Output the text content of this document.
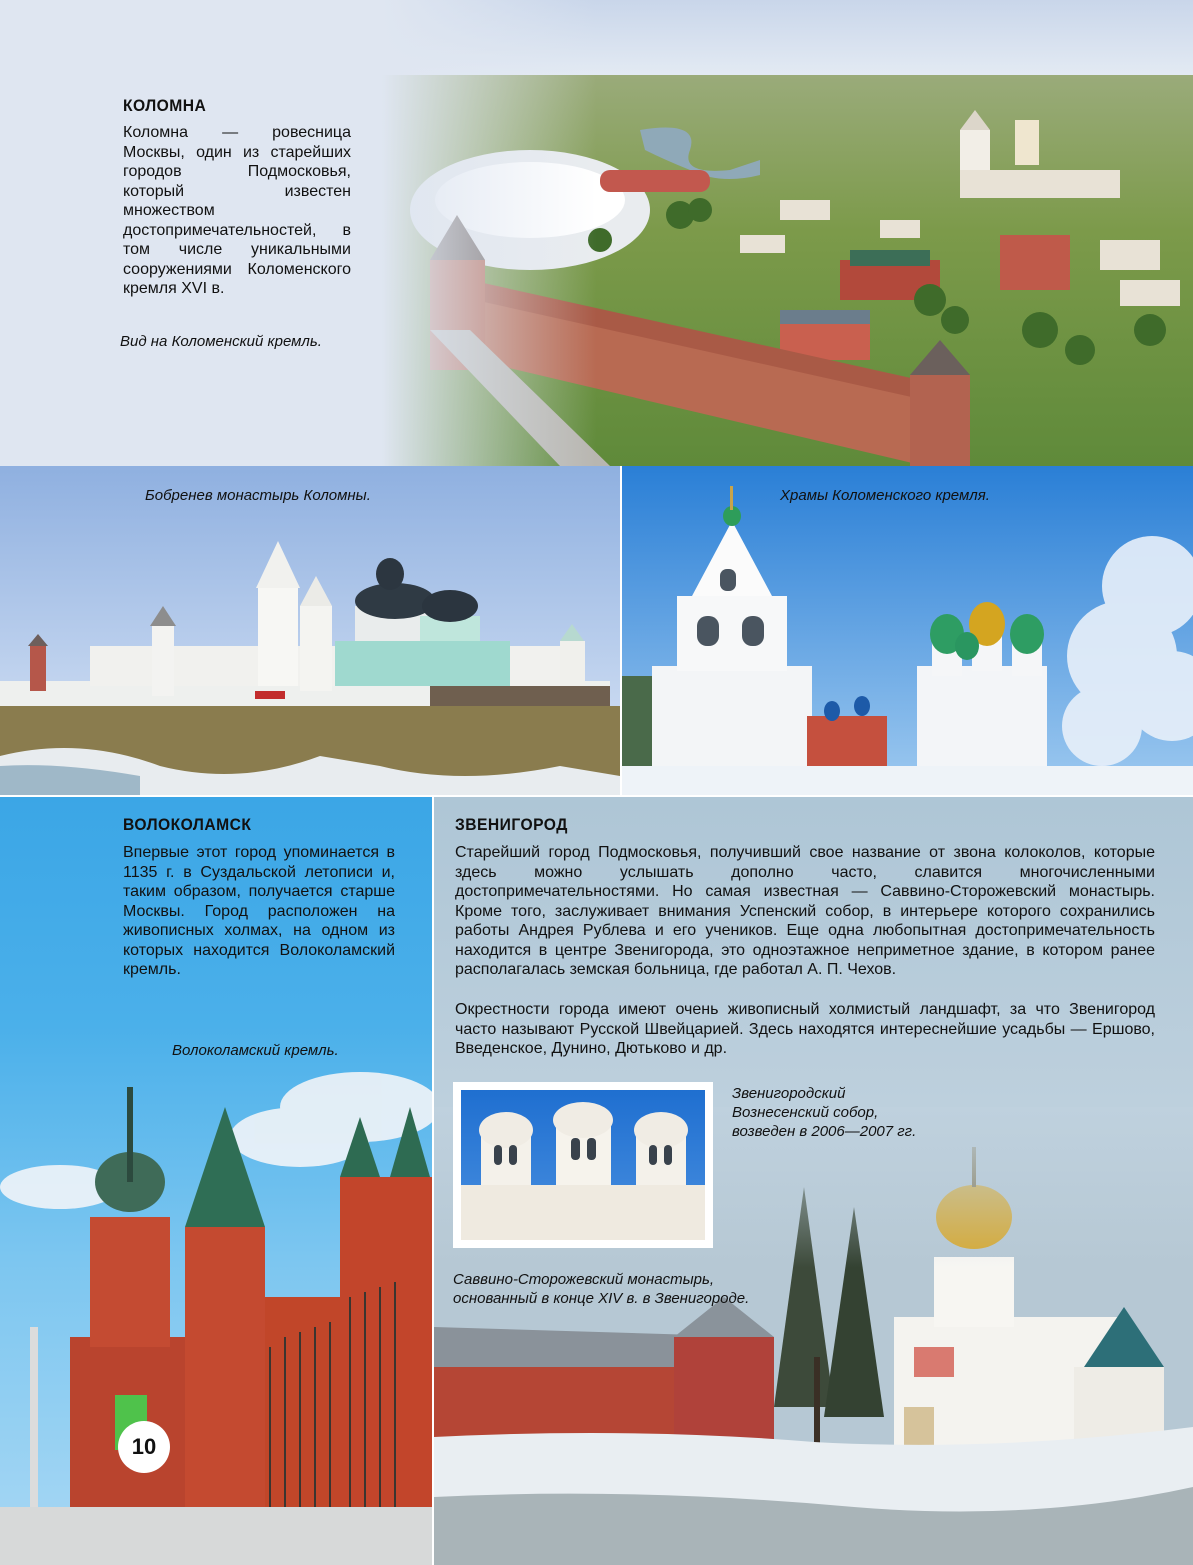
КОЛОМНА
Коломна — ровесница Москвы, один из старейших городов Подмосковья, который известен множеством достопримечательностей, в том числе уникальными сооружениями Коломенского кремля XVI в.
Вид на Коломенский кремль.
Бобренев монастырь Коломны.	Храмы Коломенского кремля.
ВОЛОКОЛАМСК
Впервые этот город упоминается в 1135 г. в Суздальской летописи и, таким образом, получается старше Москвы. Город расположен на живописных холмах, на одном из которых находится Волоколамский кремль.
Волоколамский кремль.
10
ЗВЕНИГОРОД
Старейший город Подмосковья, получивший свое название от звона колоколов, которые здесь можно услышать дополно часто, славится многочисленными достопримечательностями. Но самая известная — Саввино-Сторожевский монастырь. Кроме того, заслуживает внимания Успенский собор, в интерьере которого сохранились работы Андрея Рублева и его учеников. Еще одна любопытная достопримечательность находится в центре Звенигорода, это одноэтажное неприметное здание, в котором ранее располагалась земская больница, где работал А. П. Чехов.
Окрестности города имеют очень живописный холмистый ландшафт, за что Звенигород часто называют Русской Швейцарией. Здесь находятся интереснейшие усадьбы — Ершово, Введенское, Дунино, Дютьково и др.
Звенигородский
Вознесенский собор,
возведен в 2006—2007 гг.
Саввино-Сторожевский монастырь,
основанный в конце XIV в. в Звенигороде.
